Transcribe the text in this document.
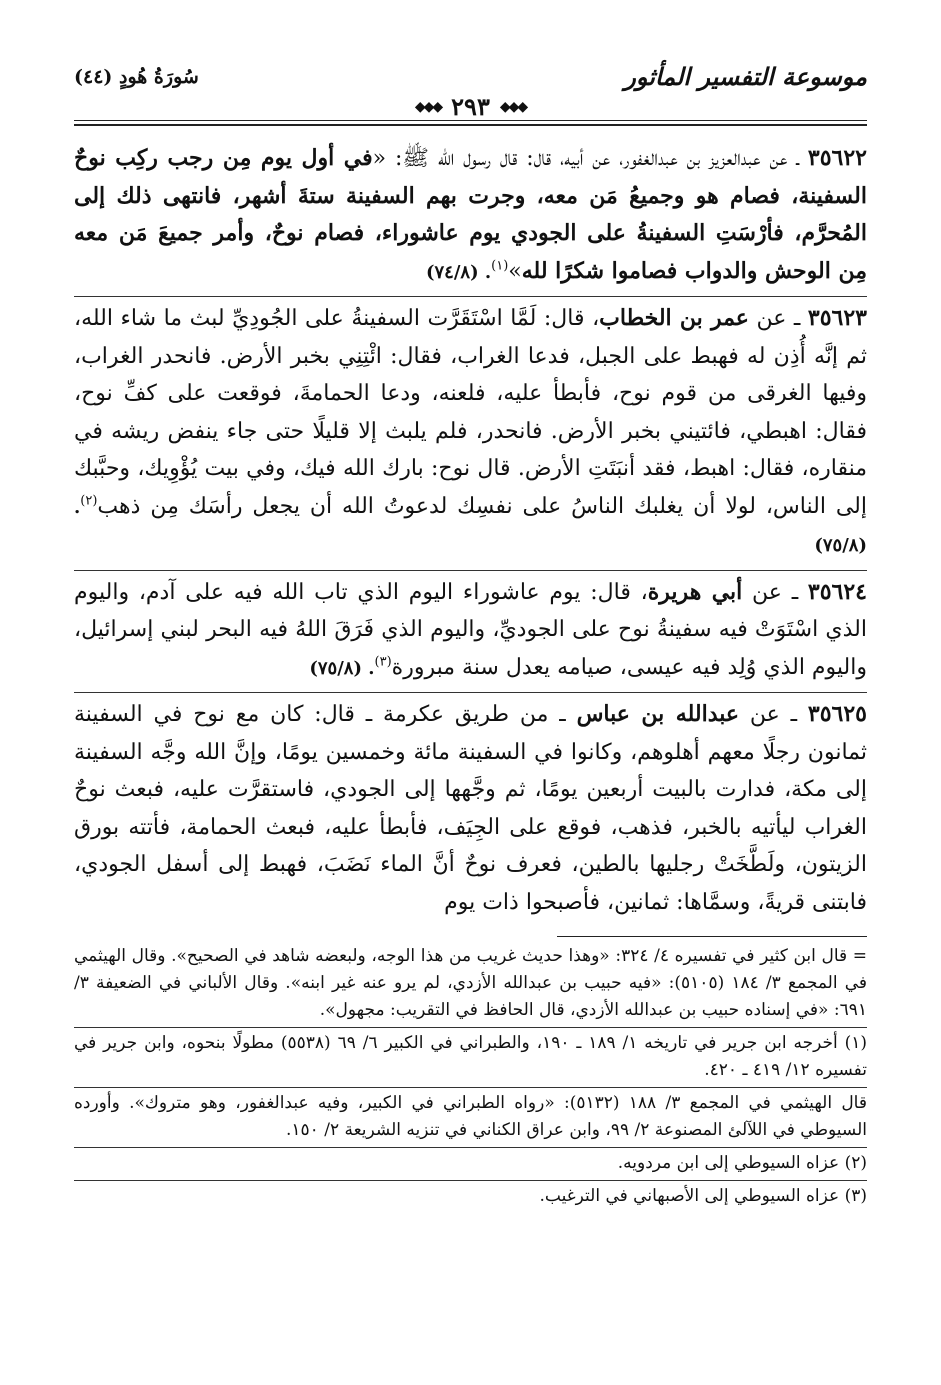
موسوعة التفسير المأثور
◆◆◆
٢٩٣
◆◆◆
سُورَةُ هُودٍ (٤٤)

٣٥٦٢٢ ـ عن عبدالعزيز بن عبدالغفور، عن أبيه، قال: قال رسول الله ﷺ: «في أول يوم مِن رجب ركِب نوحٌ السفينة، فصام هو وجميعُ مَن معه، وجرت بهم السفينة ستةَ أشهر، فانتهى ذلك إلى المُحرَّم، فأرْسَتِ السفينةُ على الجودي يوم عاشوراء، فصام نوحٌ، وأمر جميعَ مَن معه مِن الوحش والدواب فصاموا شكرًا لله»$^{(١)}$. (٧٤/٨)

٣٥٦٢٣ ـ عن عمر بن الخطاب، قال: لَمَّا اسْتَقَرَّت السفينةُ على الجُودِيِّ لبث ما شاء الله، ثم إنَّه أُذِن له فهبط على الجبل، فدعا الغراب، فقال: ائْتِنِي بخبر الأرض. فانحدر الغراب، وفيها الغرقى من قوم نوح، فأبطأ عليه، فلعنه، ودعا الحمامةَ، فوقعت على كفِّ نوح، فقال: اهبطي، فائتيني بخبر الأرض. فانحدر، فلم يلبث إلا قليلًا حتى جاء ينفض ريشه في منقاره، فقال: اهبط، فقد أنبَتَتِ الأرض. قال نوح: بارك الله فيك، وفي بيت يُؤْوِيك، وحبَّبك إلى الناس، لولا أن يغلبك الناسُ على نفسِك لدعوتُ الله أن يجعل رأسَك مِن ذهب$^{(٢)}$. (٧٥/٨)

٣٥٦٢٤ ـ عن أبي هريرة، قال: يوم عاشوراء اليوم الذي تاب الله فيه على آدم، واليوم الذي اسْتَوَتْ فيه سفينةُ نوح على الجوديِّ، واليوم الذي فَرَقَ اللهُ فيه البحر لبني إسرائيل، واليوم الذي وُلِد فيه عيسى، صيامه يعدل سنة مبرورة$^{(٣)}$. (٧٥/٨)

٣٥٦٢٥ ـ عن عبدالله بن عباس ـ من طريق عكرمة ـ قال: كان مع نوح في السفينة ثمانون رجلًا معهم أهلوهم، وكانوا في السفينة مائة وخمسين يومًا، وإنَّ الله وجَّه السفينة إلى مكة، فدارت بالبيت أربعين يومًا، ثم وجَّهها إلى الجودي، فاستقرَّت عليه، فبعث نوحٌ الغراب ليأتيه بالخبر، فذهب، فوقع على الجِيَف، فأبطأ عليه، فبعث الحمامة، فأتته بورق الزيتون، ولَطَّخَتْ رجليها بالطين، فعرف نوحٌ أنَّ الماء نَضَبَ، فهبط إلى أسفل الجودي، فابتنى قريةً، وسمَّاها: ثمانين، فأصبحوا ذات يوم

= قال ابن كثير في تفسيره ٤/ ٣٢٤: «وهذا حديث غريب من هذا الوجه، ولبعضه شاهد في الصحيح». وقال الهيثمي في المجمع ٣/ ١٨٤ (٥١٠٥): «فيه حبيب بن عبدالله الأزدي، لم يرو عنه غير ابنه». وقال الألباني في الضعيفة ٣/ ٦٩١: «في إسناده حبيب بن عبدالله الأزدي، قال الحافظ في التقريب: مجهول».

(١) أخرجه ابن جرير في تاريخه ١/ ١٨٩ ـ ١٩٠، والطبراني في الكبير ٦/ ٦٩ (٥٥٣٨) مطولًا بنحوه، وابن جرير في تفسيره ١٢/ ٤١٩ ـ ٤٢٠.

قال الهيثمي في المجمع ٣/ ١٨٨ (٥١٣٢): «رواه الطبراني في الكبير، وفيه عبدالغفور، وهو متروك». وأورده السيوطي في اللآلئ المصنوعة ٢/ ٩٩، وابن عراق الكناني في تنزيه الشريعة ٢/ ١٥٠.

(٢) عزاه السيوطي إلى ابن مردويه.

(٣) عزاه السيوطي إلى الأصبهاني في الترغيب.
